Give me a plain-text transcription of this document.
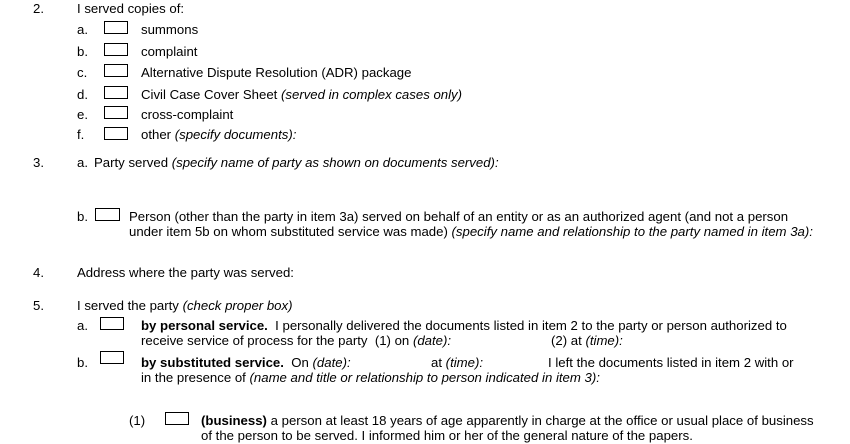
2.	I served copies of:
a.	summons
b.	complaint
c.	Alternative Dispute Resolution (ADR) package
d.	Civil Case Cover Sheet (served in complex cases only)
e.	cross-complaint
f.	other (specify documents):
3.	a. Party served (specify name of party as shown on documents served):
b.	Person (other than the party in item 3a) served on behalf of an entity or as an authorized agent (and not a person
under item 5b on whom substituted service was made) (specify name and relationship to the party named in item 3a):
4.	Address where the party was served:
5.	I served the party (check proper box)
a.	by personal service. I personally delivered the documents listed in item 2 to the party or person authorized to
receive service of process for the party (1) on (date):	(2) at (time):
b.	by substituted service. On (date):	at (time):	I left the documents listed in item 2 with or
in the presence of (name and title or relationship to person indicated in item 3):
(1)	(business) a person at least 18 years of age apparently in charge at the office or usual place of business
of the person to be served. I informed him or her of the general nature of the papers.
